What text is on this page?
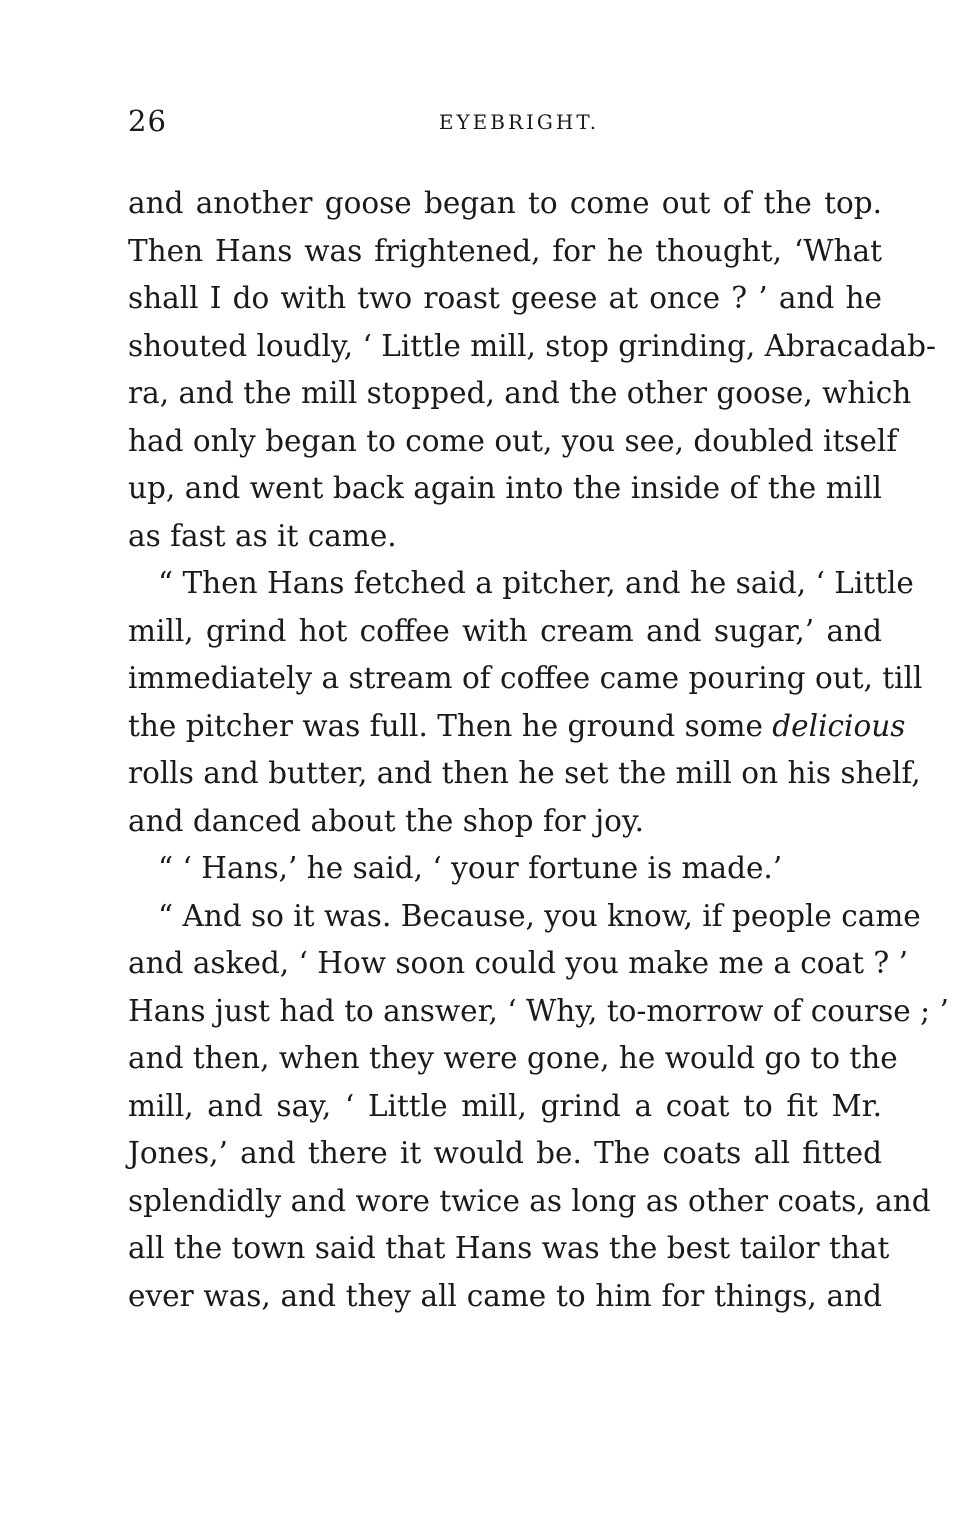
26	EYEBRIGHT.
and another goose began to come out of the top.
Then Hans was frightened, for he thought, ‘What
shall I do with two roast geese at once ? ’ and he
shouted loudly, ‘ Little mill, stop grinding, Abracadab-
ra, and the mill stopped, and the other goose, which
had only began to come out, you see, doubled itself
up, and went back again into the inside of the mill
as fast as it came.
“ Then Hans fetched a pitcher, and he said, ‘ Little
mill, grind hot coffee with cream and sugar,’ and
immediately a stream of coffee came pouring out, till
the pitcher was full. Then he ground some delicious
rolls and butter, and then he set the mill on his shelf,
and danced about the shop for joy.
“ ‘ Hans,’ he said, ‘ your fortune is made.’
“ And so it was. Because, you know, if people came
and asked, ‘ How soon could you make me a coat ? ’
Hans just had to answer, ‘ Why, to-morrow of course ; ’
and then, when they were gone, he would go to the
mill, and say, ‘ Little mill, grind a coat to fit Mr.
Jones,’ and there it would be. The coats all fitted
splendidly and wore twice as long as other coats, and
all the town said that Hans was the best tailor that
ever was, and they all came to him for things, and
